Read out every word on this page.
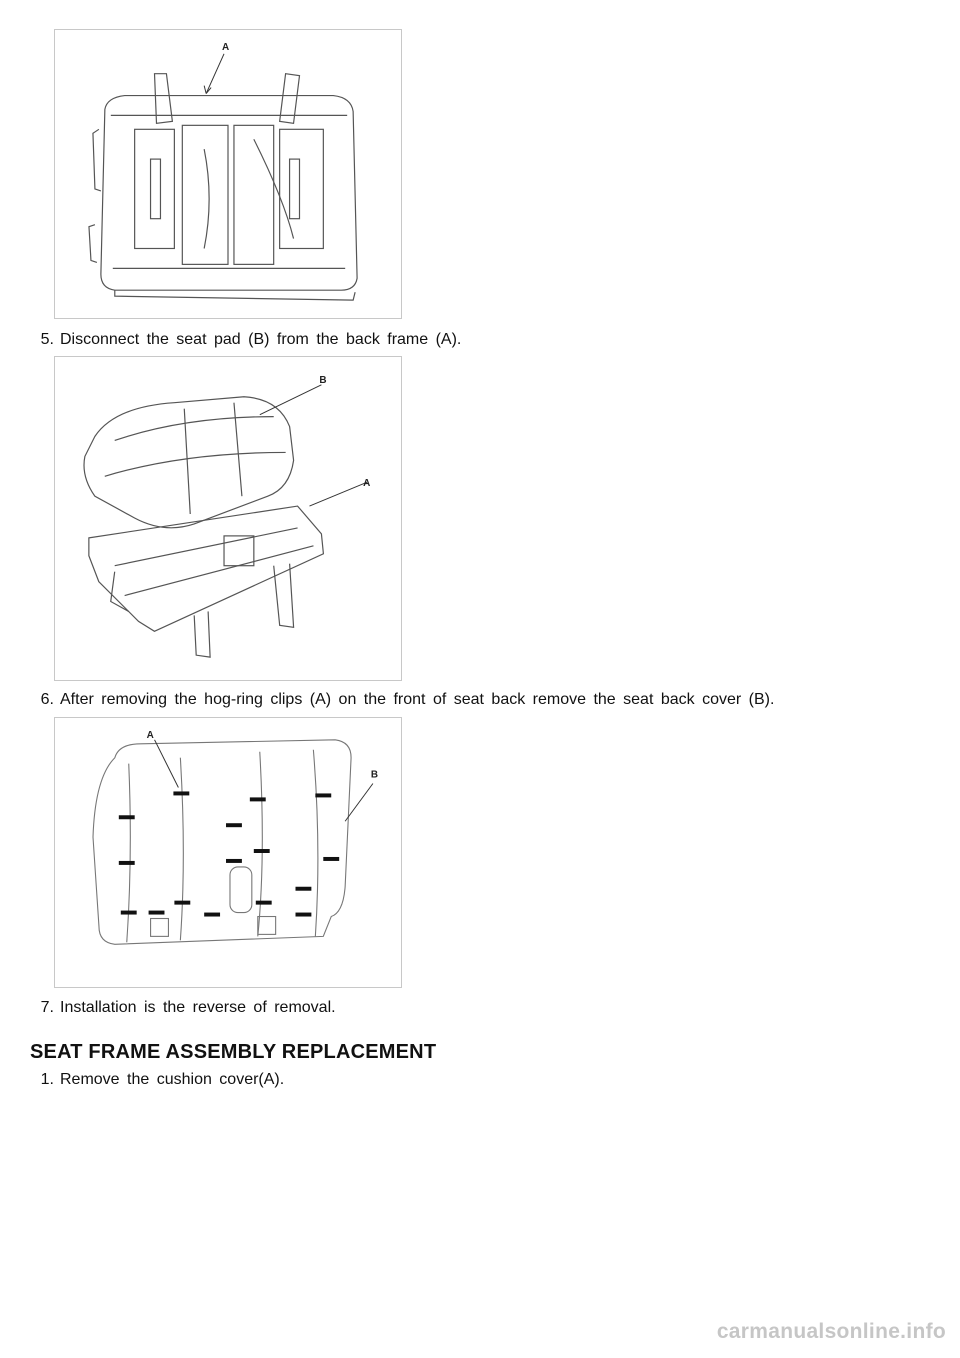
A
5. Disconnect the seat pad (B) from the back frame (A).
B
A
6. After removing the hog-ring clips (A) on the front of seat back remove the seat back cover (B).
A
B
7. Installation is the reverse of removal.
SEAT FRAME ASSEMBLY REPLACEMENT
1. Remove the cushion cover(A).
carmanualsonline.info
